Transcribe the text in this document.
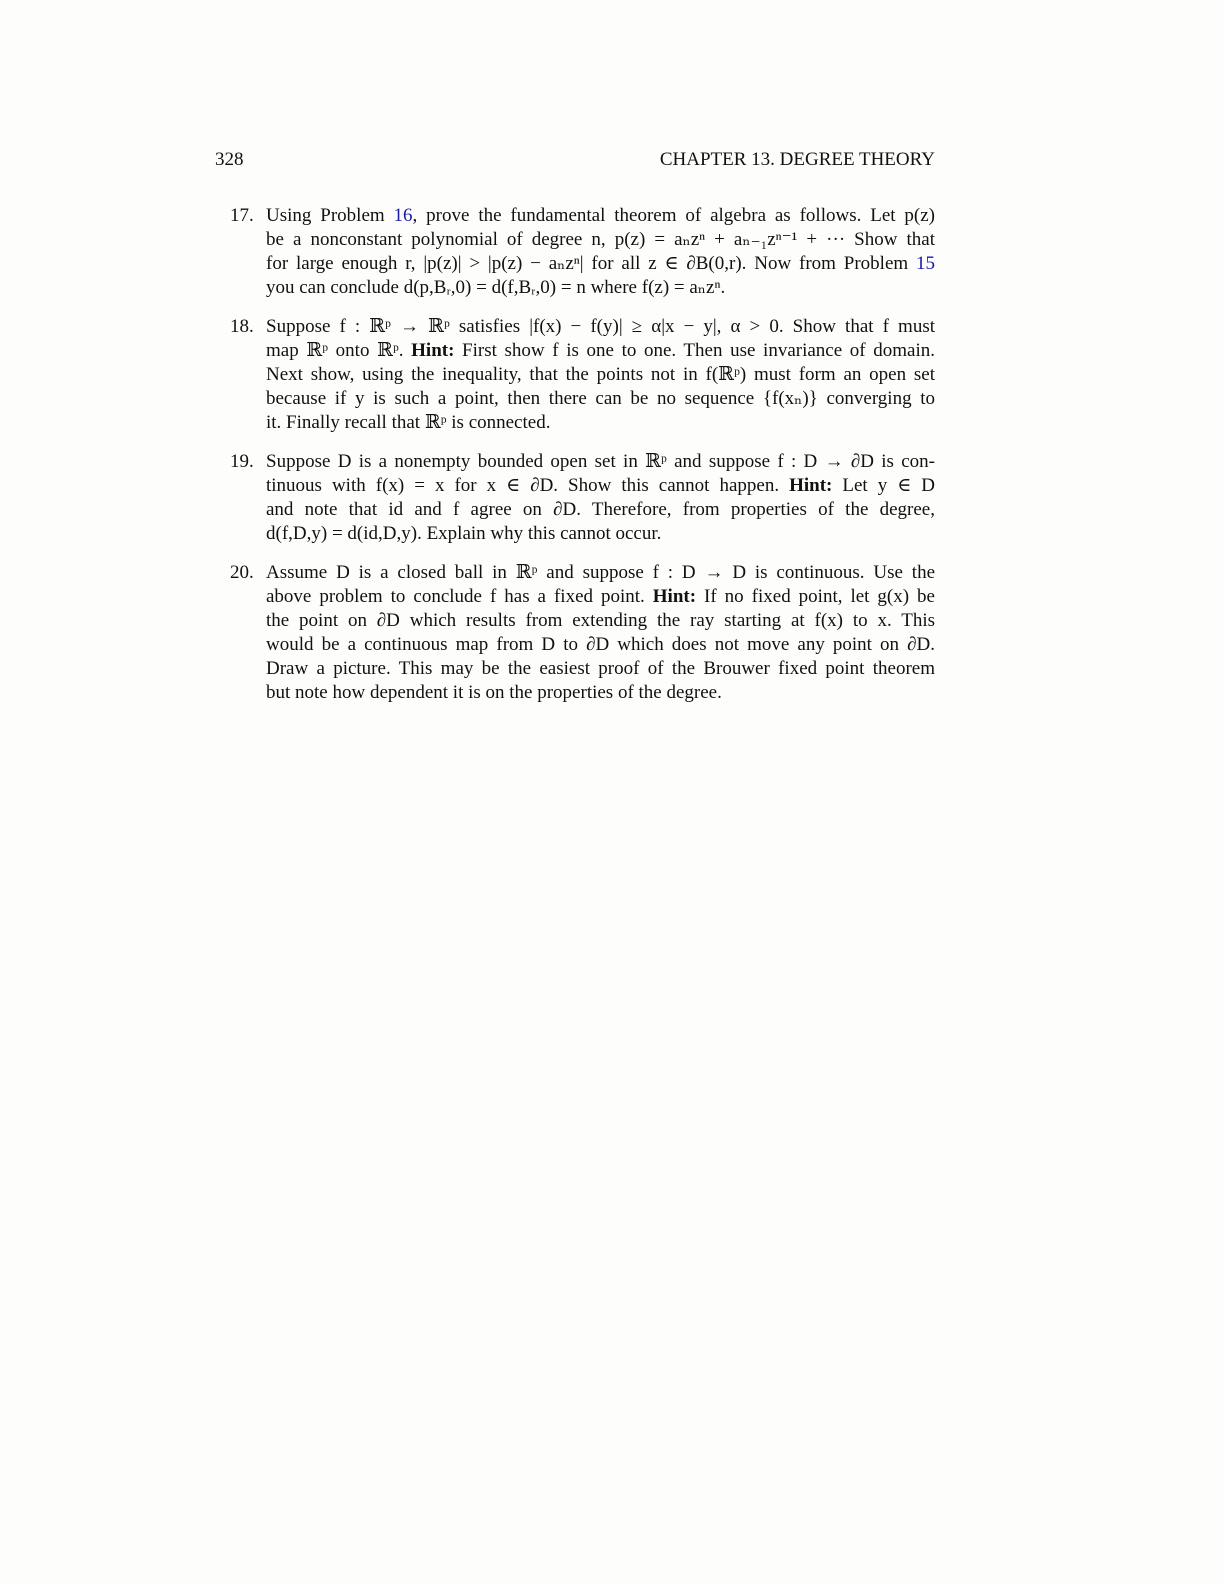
328	CHAPTER 13. DEGREE THEORY
17. Using Problem 16, prove the fundamental theorem of algebra as follows. Let p(z)
be a nonconstant polynomial of degree n, p(z) = aₙzⁿ + aₙ₋₁zⁿ⁻¹ + ··· Show that
for large enough r, |p(z)| > |p(z) − aₙzⁿ| for all z ∈ ∂B(0,r). Now from Problem 15
you can conclude d(p,Bᵣ,0) = d(f,Bᵣ,0) = n where f(z) = aₙzⁿ.
18. Suppose f : ℝᵖ → ℝᵖ satisfies |f(x) − f(y)| ≥ α|x − y|, α > 0. Show that f must
map ℝᵖ onto ℝᵖ. Hint: First show f is one to one. Then use invariance of domain.
Next show, using the inequality, that the points not in f(ℝᵖ) must form an open set
because if y is such a point, then there can be no sequence {f(xₙ)} converging to
it. Finally recall that ℝᵖ is connected.
19. Suppose D is a nonempty bounded open set in ℝᵖ and suppose f : D → ∂D is con-
tinuous with f(x) = x for x ∈ ∂D. Show this cannot happen. Hint: Let y ∈ D
and note that id and f agree on ∂D. Therefore, from properties of the degree,
d(f,D,y) = d(id,D,y). Explain why this cannot occur.
20. Assume D is a closed ball in ℝᵖ and suppose f : D → D is continuous. Use the
above problem to conclude f has a fixed point. Hint: If no fixed point, let g(x) be
the point on ∂D which results from extending the ray starting at f(x) to x. This
would be a continuous map from D to ∂D which does not move any point on ∂D.
Draw a picture. This may be the easiest proof of the Brouwer fixed point theorem
but note how dependent it is on the properties of the degree.
